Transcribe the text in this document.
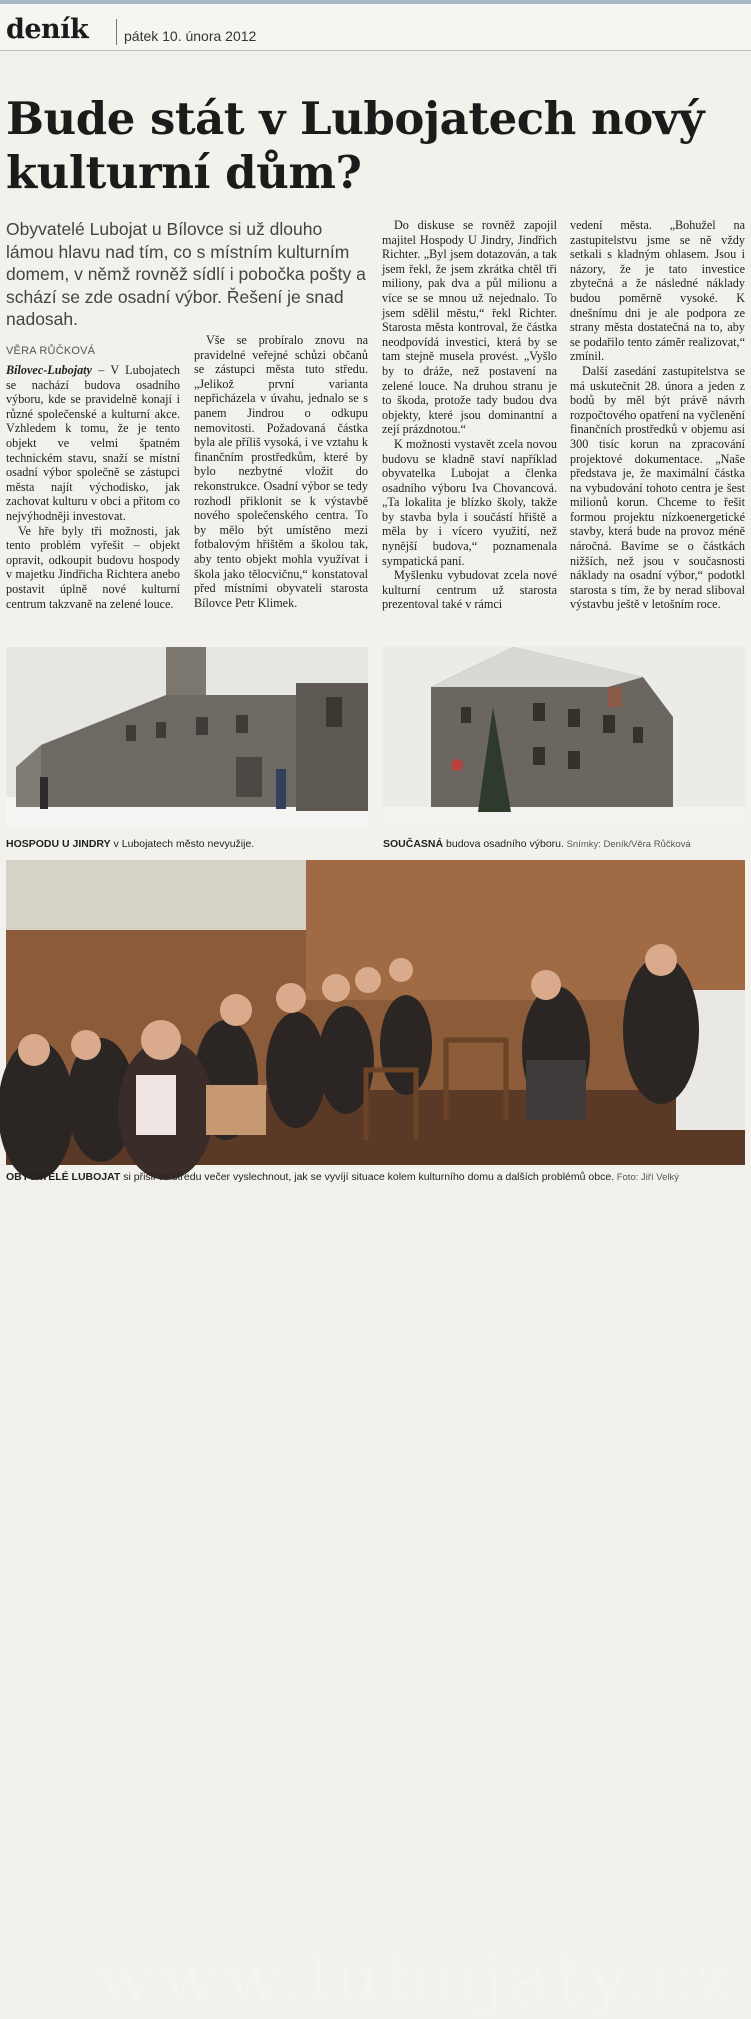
deník	pátek 10. února 2012
Bude stát v Lubojatech nový kulturní dům?
Obyvatelé Lubojat u Bílovce si už dlouho lámou hlavu nad tím, co s místním kulturním domem, v němž rovněž sídlí i pobočka pošty a schází se zde osadní výbor. Řešení je snad nadosah.
VĚRA RŮČKOVÁ

Bílovec-Lubojaty – V Lubojatech se nachází budova osadního výboru, kde se pravidelně konají i různé společenské a kulturní akce. Vzhledem k tomu, že je tento objekt ve velmi špatném technickém stavu, snaží se místní osadní výbor společně se zástupci města najít východisko, jak zachovat kulturu v obci a přitom co nejvýhodněji investovat.

Ve hře byly tři možnosti, jak tento problém vyřešit – objekt opravit, odkoupit budovu hospody v majetku Jindřicha Richtera anebo postavit úplně nové kulturní centrum takzvaně na zelené louce.

Vše se probíralo znovu na pravidelné veřejné schůzi občanů se zástupci města tuto středu. „Jelikož první varianta nepřicházela v úvahu, jednalo se s panem Jindrou o odkupu nemovitosti. Požadovaná částka byla ale příliš vysoká, i ve vztahu k finančním prostředkům, které by bylo nezbytné vložit do rekonstrukce. Osadní výbor se tedy rozhodl přiklonit se k výstavbě nového společenského centra. To by mělo být umístěno mezi fotbalovým hřištěm a školou tak, aby tento objekt mohla využívat i škola jako tělocvičnu,“ konstatoval před místními obyvateli starosta Bílovce Petr Klimek.

Do diskuse se rovněž zapojil majitel Hospody U Jindry, Jindřich Richter. „Byl jsem dotazován, a tak jsem řekl, že jsem zkrátka chtěl tři miliony, pak dva a půl milionu a více se se mnou už nejednalo. To jsem sdělil městu,“ řekl Richter. Starosta města kontroval, že částka neodpovídá investici, která by se tam stejně musela provést. „Vyšlo by to dráže, než postavení na zelené louce. Na druhou stranu je to škoda, protože tady budou dva objekty, které jsou dominantní a zejí prázdnotou.“

K možnosti vystavět zcela novou budovu se kladně staví například obyvatelka Lubojat a členka osadního výboru Iva Chovancová. „Ta lokalita je blízko školy, takže by stavba byla i součástí hřiště a měla by i vícero využití, než nynější budova,“ poznamenala sympatická paní.

Myšlenku vybudovat zcela nové kulturní centrum už starosta prezentoval také v rámci

vedení města. „Bohužel na zastupitelstvu jsme se ně vždy setkali s kladným ohlasem. Jsou i názory, že je tato investice zbytečná a že následné náklady budou poměrně vysoké. K dnešnímu dni je ale podpora ze strany města dostatečná na to, aby se podařilo tento záměr realizovat,“ zmínil.

Další zasedání zastupitelstva se má uskutečnit 28. února a jeden z bodů by měl být právě návrh rozpočtového opatření na vyčlenění finančních prostředků v objemu asi 300 tisíc korun na zpracování projektové dokumentace. „Naše představa je, že maximální částka na vybudování tohoto centra je šest milionů korun. Chceme to řešit formou projektu nízkoenergetické stavby, která bude na provoz méně náročná. Bavíme se o částkách nižších, než jsou v současnosti náklady na osadní výbor,“ podotkl starosta s tím, že by nerad sliboval výstavbu ještě v letošním roce.

HOSPODU U JINDRY v Lubojatech město nevyužije.	SOUČASNÁ budova osadního výboru. Snímky: Deník/Věra Růčková
www.lubojaty.cz
OBYVATELÉ LUBOJAT si přišli ve středu večer vyslechnout, jak se vyvíjí situace kolem kulturního domu a dalších problémů obce. Foto: Jiří Velký
